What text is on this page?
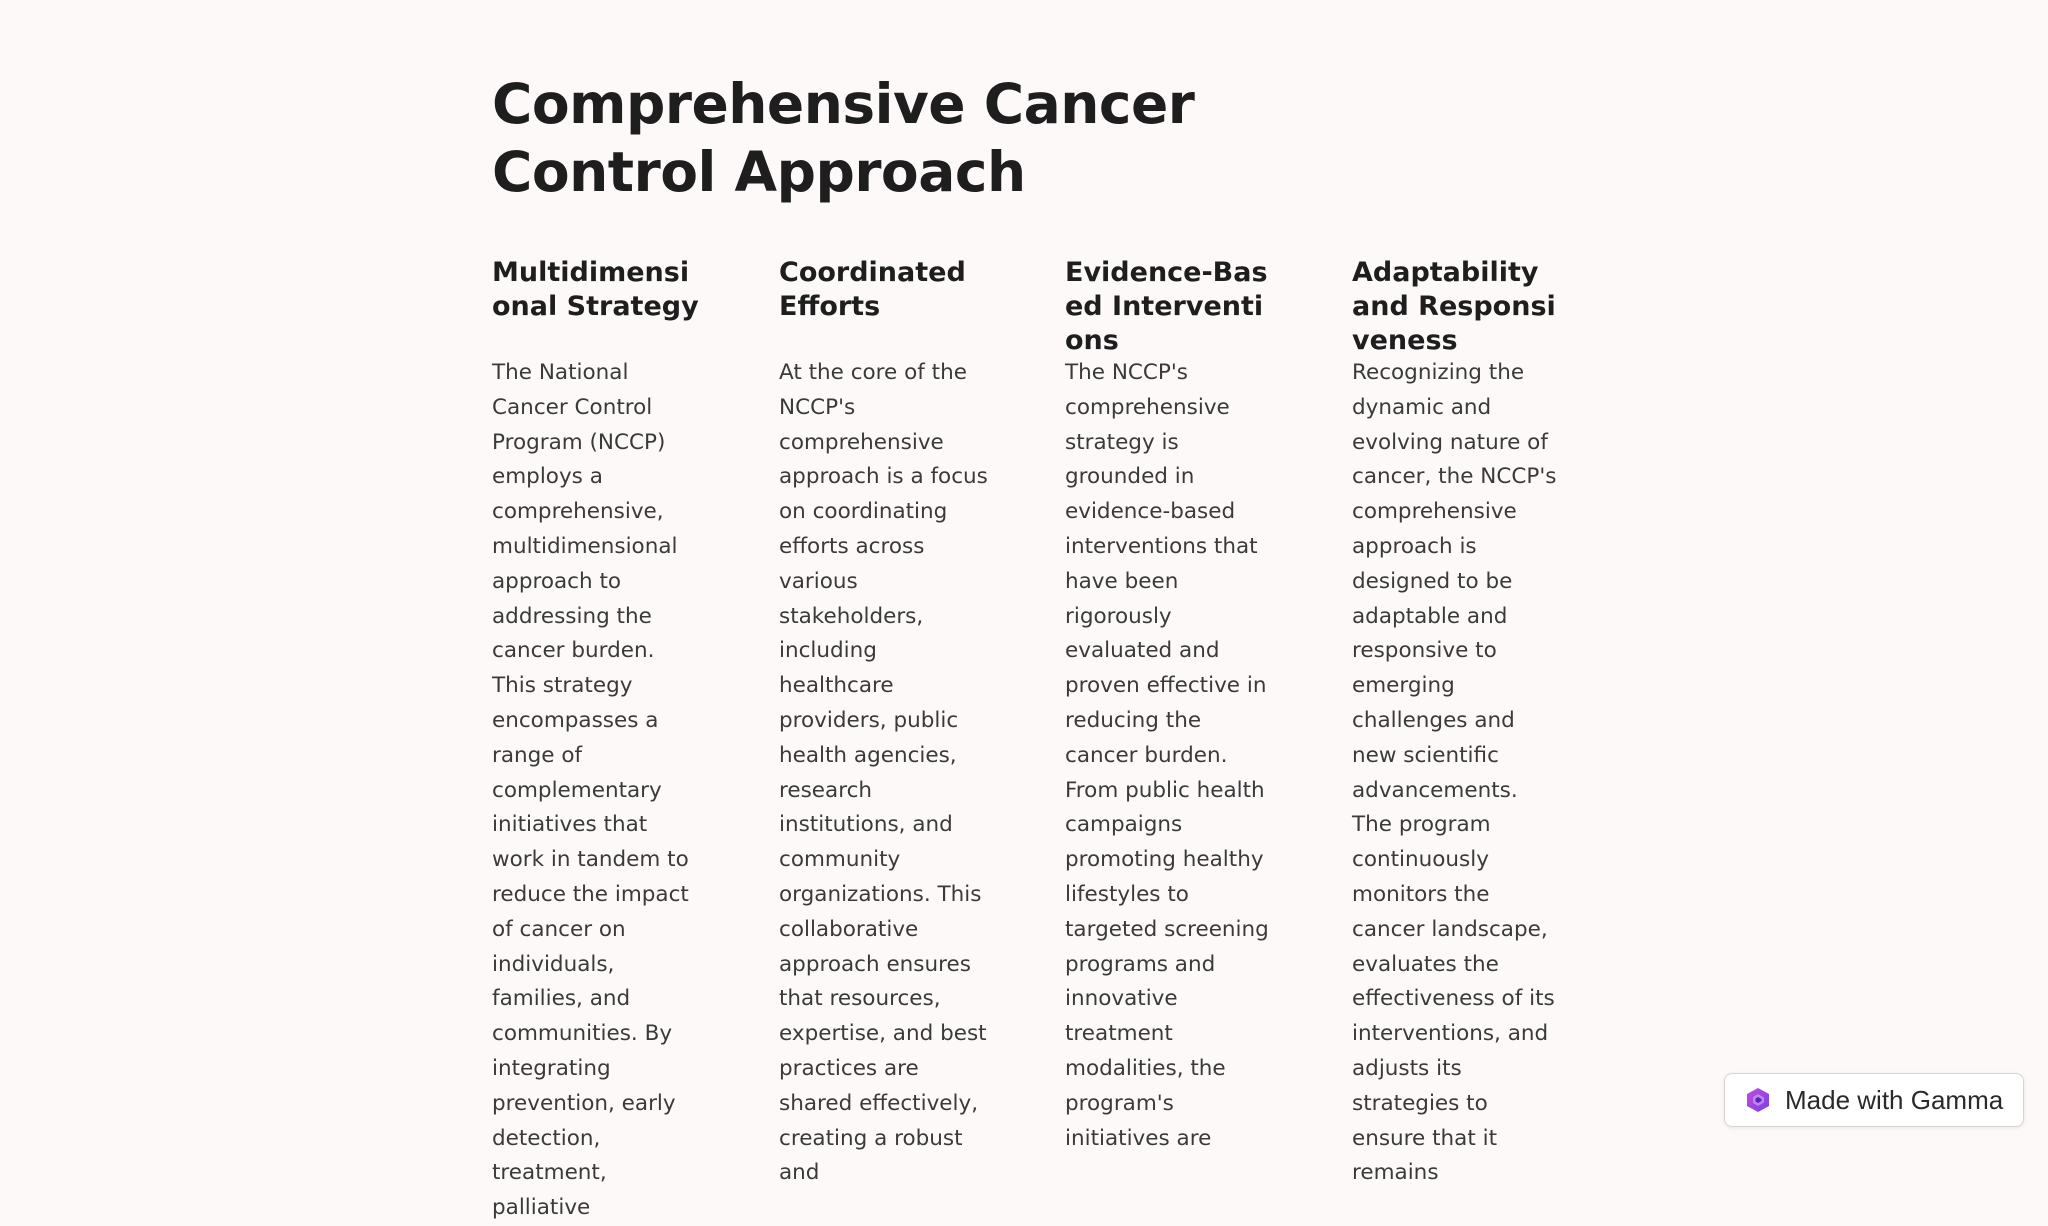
Comprehensive Cancer Control Approach
Multidimensional Strategy

The National Cancer Control Program (NCCP) employs a comprehensive, multidimensional approach to addressing the cancer burden. This strategy encompasses a range of complementary initiatives that work in tandem to reduce the impact of cancer on individuals, families, and communities. By integrating prevention, early detection, treatment, palliative

Coordinated Efforts

At the core of the NCCP's comprehensive approach is a focus on coordinating efforts across various stakeholders, including healthcare providers, public health agencies, research institutions, and community organizations. This collaborative approach ensures that resources, expertise, and best practices are shared effectively, creating a robust and

Evidence-Based Interventions

The NCCP's comprehensive strategy is grounded in evidence-based interventions that have been rigorously evaluated and proven effective in reducing the cancer burden. From public health campaigns promoting healthy lifestyles to targeted screening programs and innovative treatment modalities, the program's initiatives are

Adaptability and Responsiveness

Recognizing the dynamic and evolving nature of cancer, the NCCP's comprehensive approach is designed to be adaptable and responsive to emerging challenges and new scientific advancements. The program continuously monitors the cancer landscape, evaluates the effectiveness of its interventions, and adjusts its strategies to ensure that it remains

Made with Gamma
